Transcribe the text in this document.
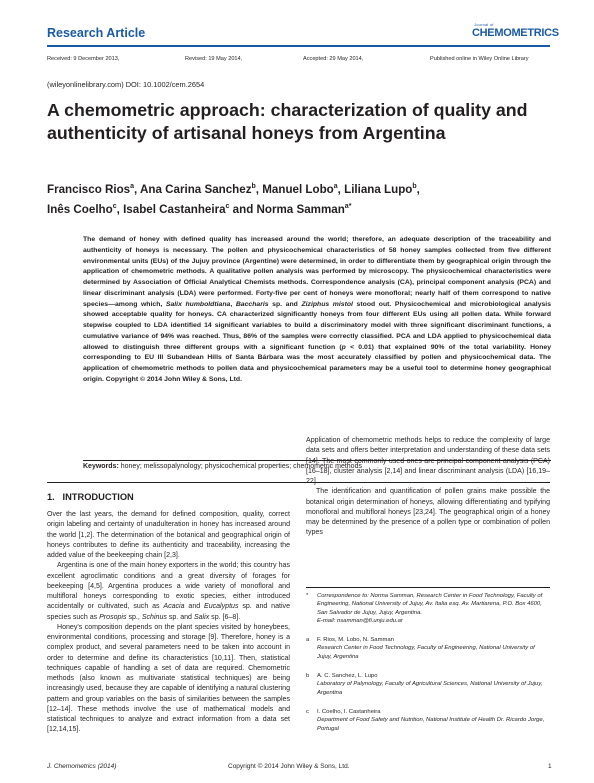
Research Article
Journal of
CHEMOMETRICS
Received: 9 December 2013,	Revised: 19 May 2014,	Accepted: 29 May 2014,	Published online in Wiley Online Library
(wileyonlinelibrary.com) DOI: 10.1002/cem.2654
A chemometric approach: characterization of quality and authenticity of artisanal honeys from Argentina
Francisco Rios$^a$, Ana Carina Sanchez$^b$, Manuel Lobo$^a$, Liliana Lupo$^b$,
Inês Coelho$^c$, Isabel Castanheira$^c$ and Norma Samman$^{a*}$

The demand of honey with defined quality has increased around the world; therefore, an adequate description of the traceability and authenticity of honeys is necessary. The pollen and physicochemical characteristics of 58 honey samples collected from five different environmental units (EUs) of the Jujuy province (Argentine) were determined, in order to differentiate them by geographical origin through the application of chemometric methods. A qualitative pollen analysis was performed by microscopy. The physicochemical characteristics were determined by Association of Official Analytical Chemists methods. Correspondence analysis (CA), principal component analysis (PCA) and linear discriminant analysis (LDA) were performed. Forty-five per cent of honeys were monofloral; nearly half of them correspond to native species—among which, Salix humboldtiana, Baccharis sp. and Ziziphus mistol stood out. Physicochemical and microbiological analysis showed acceptable quality for honeys. CA characterized significantly honeys from four different EUs using all pollen data. While forward stepwise coupled to LDA identified 14 significant variables to build a discriminatory model with three significant discriminant functions, a cumulative variance of 94% was reached. Thus, 86% of the samples were correctly classified. PCA and LDA applied to physicochemical data allowed to distinguish three different groups with a significant function (p < 0.01) that explained 90% of the total variability. Honey corresponding to EU III Subandean Hills of Santa Bárbara was the most accurately classified by pollen and physicochemical data. The application of chemometric methods to pollen data and physicochemical parameters may be a useful tool to determine honey geographical origin. Copyright © 2014 John Wiley & Sons, Ltd.

Keywords: honey; melissopalynology; physicochemical properties; chemometric methods
1.   INTRODUCTION

Over the last years, the demand for defined composition, quality, correct origin labeling and certainty of unadulteration in honey has increased around the world [1,2]. The determination of the botanical and geographical origin of honeys contributes to define its authenticity and traceability, increasing the added value of the beekeeping chain [2,3].

Argentina is one of the main honey exporters in the world; this country has excellent agroclimatic conditions and a great diversity of forages for beekeeping [4,5]. Argentina produces a wide variety of monofloral and multifloral honeys corresponding to exotic species, either introduced accidentally or cultivated, such as Acacia and Eucalyptus sp. and native species such as Prosopis sp., Schinus sp. and Salix sp. [6–8].

Honey's composition depends on the plant species visited by honeybees, environmental conditions, processing and storage [9]. Therefore, honey is a complex product, and several parameters need to be taken into account in order to determine and define its characteristics [10,11]. Then, statistical techniques capable of handling a set of data are required. Chemometric methods (also known as multivariate statistical techniques) are being increasingly used, because they are capable of identifying a natural clustering pattern and group variables on the basis of similarities between the samples [12–14]. These methods involve the use of mathematical models and statistical techniques to analyze and extract information from a data set [12,14,15].

Application of chemometric methods helps to reduce the complexity of large data sets and offers better interpretation and understanding of these data sets [14]. The most commonly used ones are principal component analysis (PCA) [16–18], cluster analysis [2,14] and linear discriminant analysis (LDA) [16,19–22].

The identification and quantification of pollen grains make possible the botanical origin determination of honeys, allowing differentiating and typifying monofloral and multifloral honeys [23,24]. The geographical origin of a honey may be determined by the presence of a pollen type or combination of pollen types

* Correspondence to: Norma Samman, Research Center in Food Technology, Faculty of Engineering, National University of Jujuy, Av. Italia esq. Av. Martiarena, P.O. Box 4600, San Salvador de Jujuy, Jujuy, Argentina.
E-mail: nsamman@fi.unju.edu.ar
a F. Rios, M. Lobo, N. Samman
Research Center in Food Technology, Faculty of Engineering, National University of Jujuy, Argentina
b A. C. Sanchez, L. Lupo
Laboratory of Palynology, Faculty of Agricultural Sciences, National University of Jujuy, Argentina
c I. Coelho, I. Castanheira
Department of Food Safety and Nutrition, National Institute of Health Dr. Ricardo Jorge, Portugal
J. Chemometrics (2014)	Copyright © 2014 John Wiley & Sons, Ltd.	1
